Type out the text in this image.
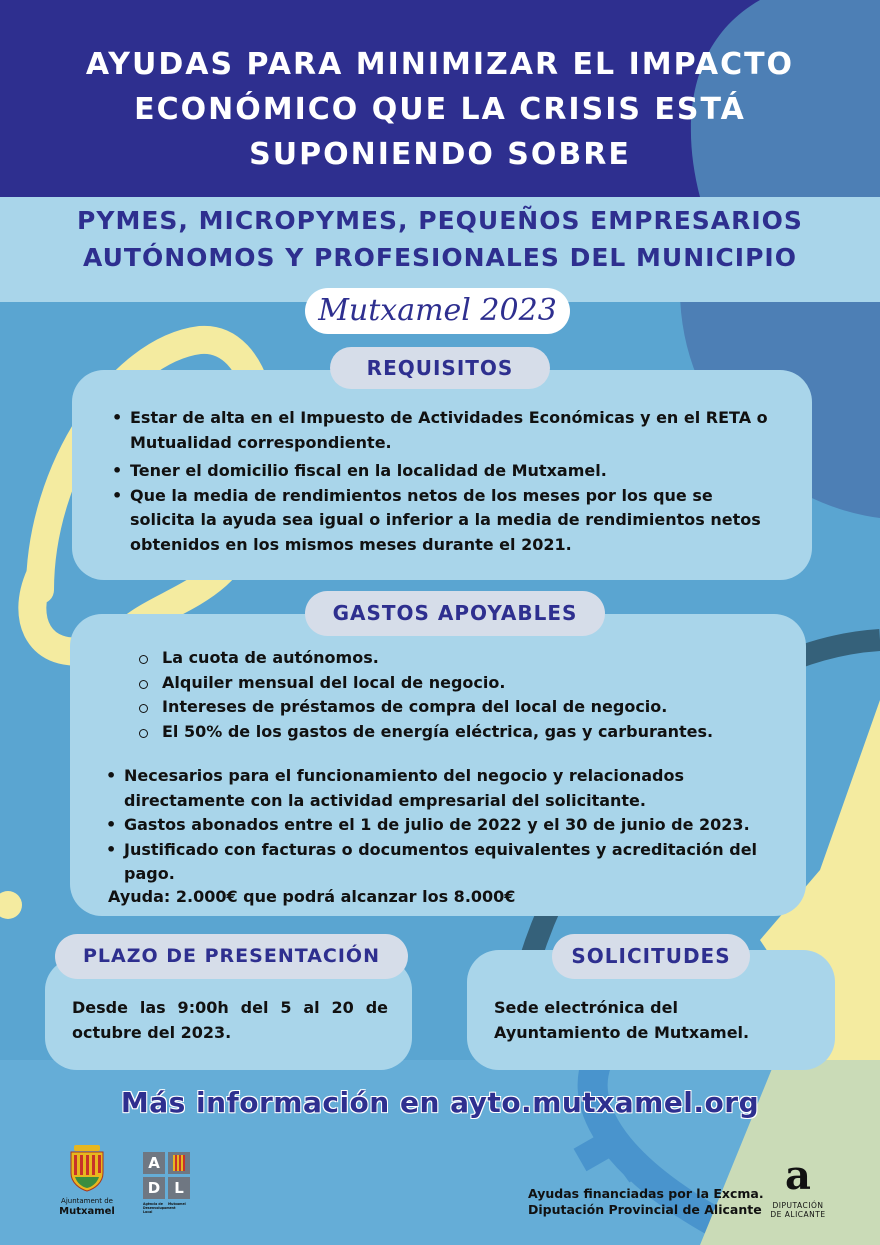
AYUDAS PARA MINIMIZAR EL IMPACTO
ECONÓMICO QUE LA CRISIS ESTÁ
SUPONIENDO SOBRE
PYMES, MICROPYMES, PEQUEÑOS EMPRESARIOS
AUTÓNOMOS Y PROFESIONALES DEL MUNICIPIO
Mutxamel 2023
• Estar de alta en el Impuesto de Actividades Económicas y en el RETA o Mutualidad correspondiente.
• Tener el domicilio fiscal en la localidad de Mutxamel.
• Que la media de rendimientos netos de los meses por los que se solicita la ayuda sea igual o inferior a la media de rendimientos netos obtenidos en los mismos meses durante el 2021.
REQUISITOS
La cuota de autónomos.
Alquiler mensual del local de negocio.
Intereses de préstamos de compra del local de negocio.
El 50% de los gastos de energía eléctrica, gas y carburantes.
• Necesarios para el funcionamiento del negocio y relacionados directamente con la actividad empresarial del solicitante.
• Gastos abonados entre el 1 de julio de 2022 y el 30 de junio de 2023.
• Justificado con facturas o documentos equivalentes y acreditación del pago.
Ayuda: 2.000€ que podrá alcanzar los 8.000€
GASTOS APOYABLES
Desde las 9:00h del 5 al 20 de octubre del 2023.
PLAZO DE PRESENTACIÓN
Sede electrónica del Ayuntamiento de Mutxamel.
SOLICITUDES
Más información en ayto.mutxamel.org
Ajuntament de
Mutxamel
A
D L
Agència de Desenvolupament Local
Mutxamel
Ayudas financiadas por la Excma.
Diputación Provincial de Alicante
a
DIPUTACIÓN
DE ALICANTE
